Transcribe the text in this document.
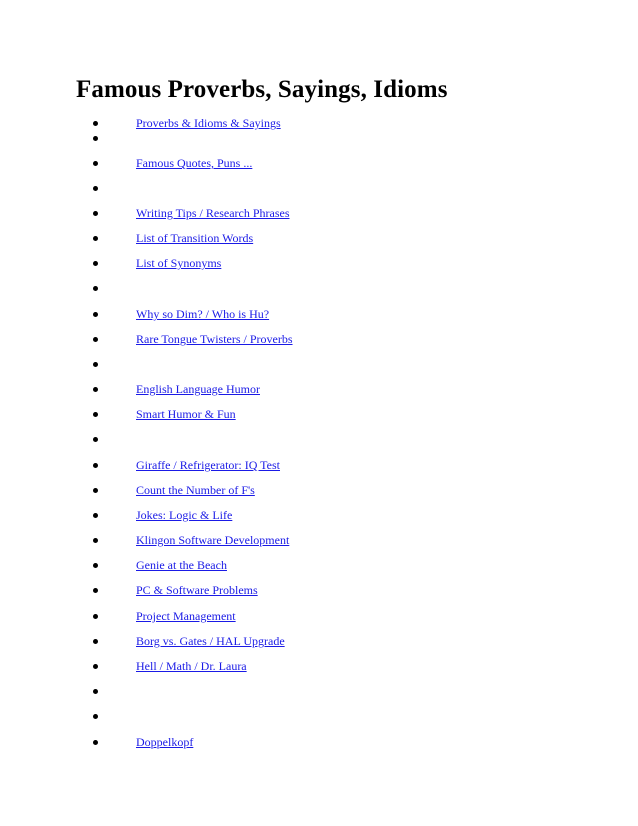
Famous Proverbs, Sayings, Idioms
Proverbs & Idioms & Sayings
Famous Quotes, Puns ...
Writing Tips / Research Phrases
List of Transition Words
List of Synonyms
Why so Dim? / Who is Hu?
Rare Tongue Twisters / Proverbs
English Language Humor
Smart Humor & Fun
Giraffe / Refrigerator: IQ Test
Count the Number of F's
Jokes: Logic & Life
Klingon Software Development
Genie at the Beach
PC & Software Problems
Project Management
Borg vs. Gates / HAL Upgrade
Hell / Math / Dr. Laura
Doppelkopf
